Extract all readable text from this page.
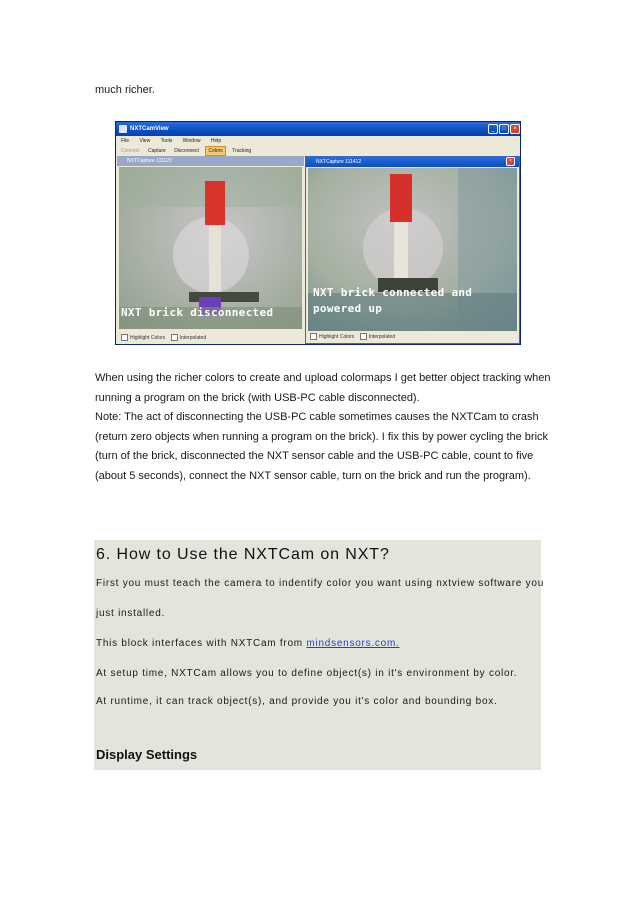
much richer.
NXTCamView	_	□	×
File View Tools Window Help
Connect Capture Disconnect Colors Tracking
NXTCapture 111120
NXT brick disconnected
Highlight Colors	Interpolated
NXTCapture 111412	×
NXT brick connected and
powered up
Highlight Colors	Interpolated
When using the richer colors to create and upload colormaps I get better object tracking when
running a program on the brick (with USB-PC cable disconnected).
Note: The act of disconnecting the USB-PC cable sometimes causes the NXTCam to crash
(return zero objects when running a program on the brick). I fix this by power cycling the brick
(turn of the brick, disconnected the NXT sensor cable and the USB-PC cable, count to five
(about 5 seconds), connect the NXT sensor cable, turn on the brick and run the program).
6. How to Use the NXTCam on NXT?
First you must teach the camera to indentify color you want using nxtview software you
just installed.
This block interfaces with NXTCam from mindsensors.com.
At setup time, NXTCam allows you to define object(s) in it's environment by color.
At runtime, it can track object(s), and provide you it's color and bounding box.
Display Settings
